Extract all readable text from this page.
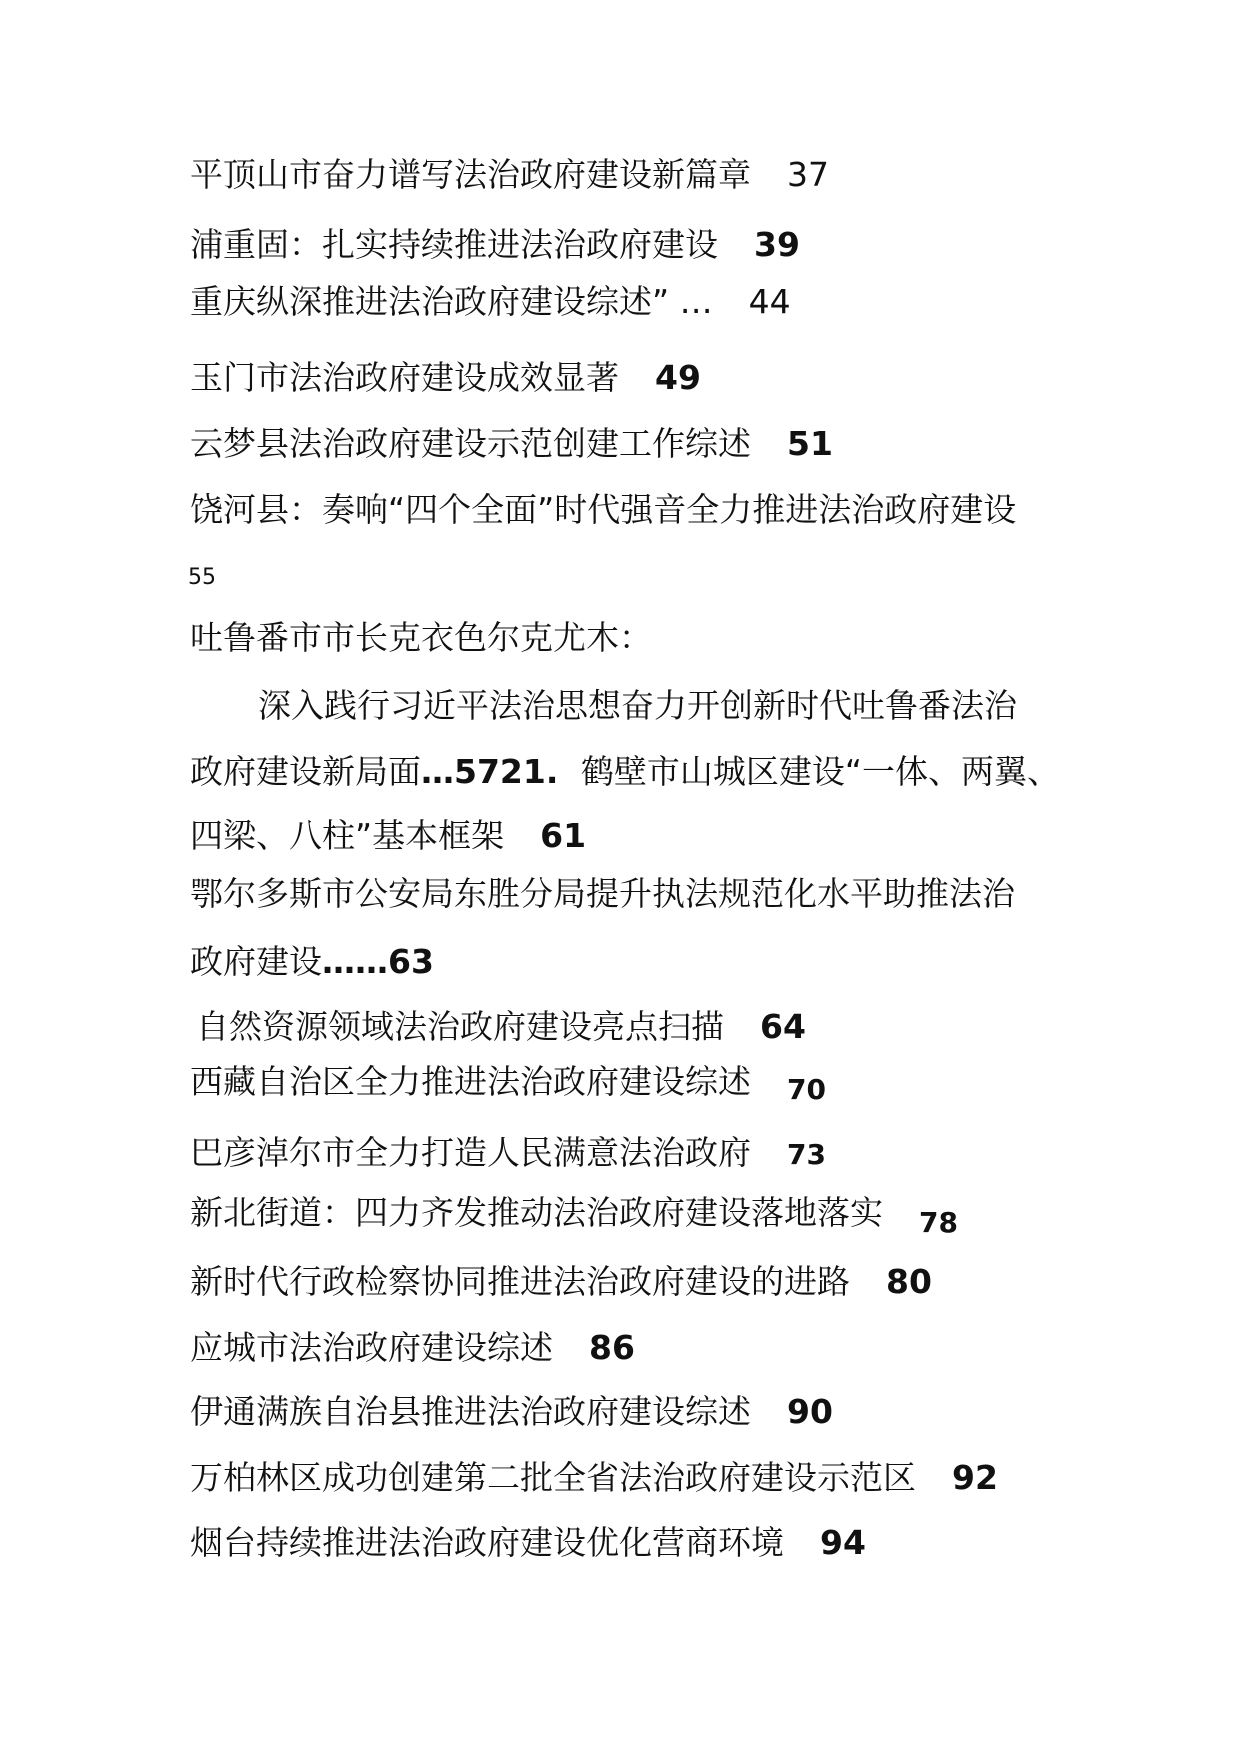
平顶山市奋力谱写法治政府建设新篇章 37
浦重固：扎实持续推进法治政府建设 39
重庆纵深推进法治政府建设综述” … 44
玉门市法治政府建设成效显著 49
云梦县法治政府建设示范创建工作综述 51
饶河县：奏响“四个全面”时代强音全力推进法治政府建设
55
吐鲁番市市长克衣色尔克尤木：
深入践行习近平法治思想奋力开创新时代吐鲁番法治
政府建设新局面…5721. 鹤壁市山城区建设“一体、两翼、
四梁、八柱”基本框架 61
鄂尔多斯市公安局东胜分局提升执法规范化水平助推法治
政府建设……63
自然资源领域法治政府建设亮点扫描 64
西藏自治区全力推进法治政府建设综述 70
巴彦淖尔市全力打造人民满意法治政府 73
新北街道：四力齐发推动法治政府建设落地落实 78
新时代行政检察协同推进法治政府建设的进路 80
应城市法治政府建设综述 86
伊通满族自治县推进法治政府建设综述 90
万柏林区成功创建第二批全省法治政府建设示范区 92
烟台持续推进法治政府建设优化营商环境 94
